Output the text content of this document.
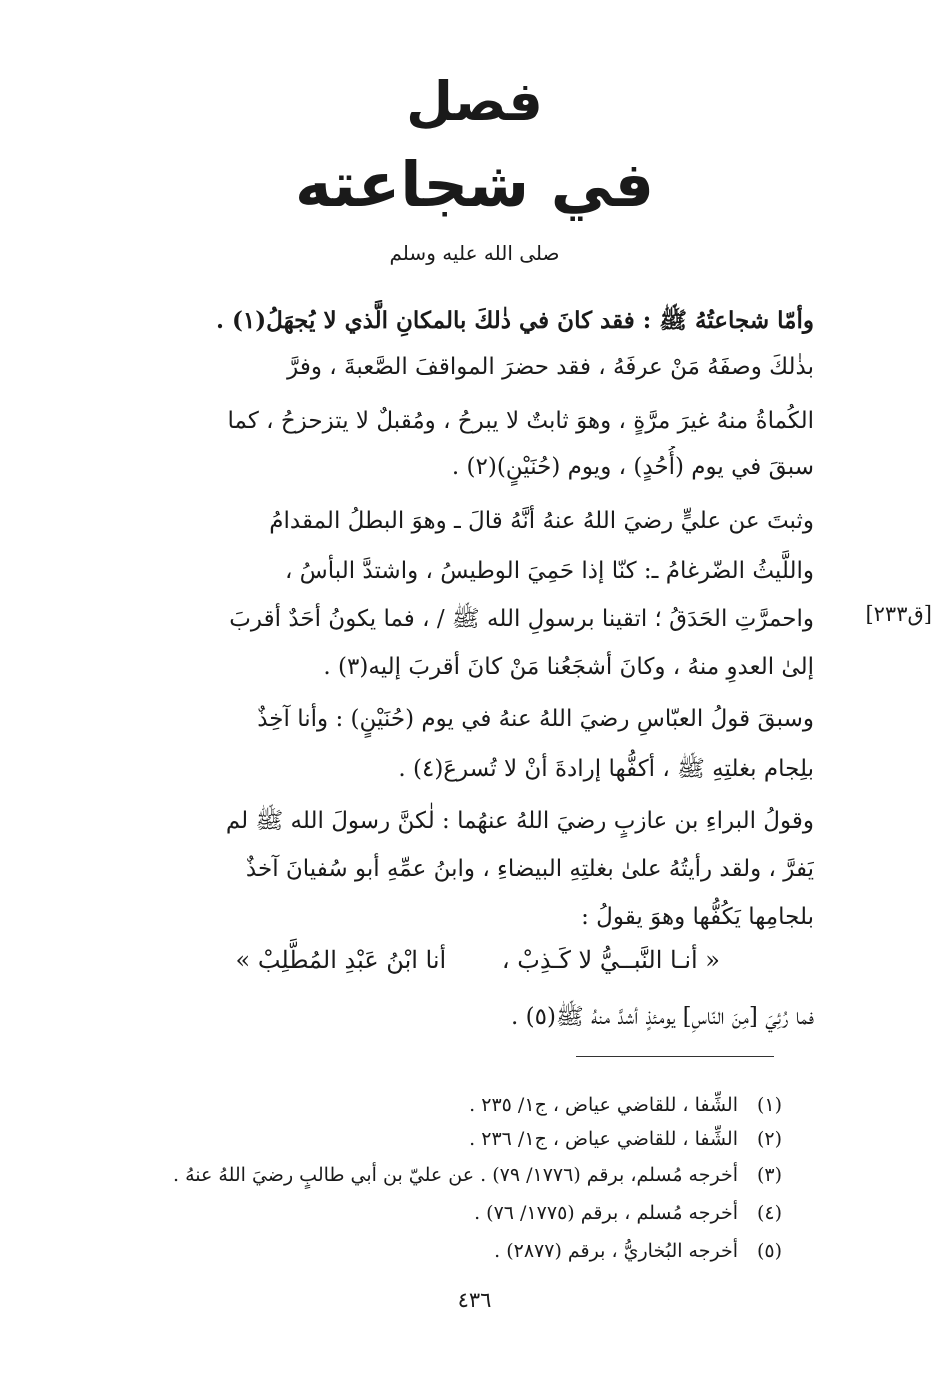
فصل
في شجاعته
صلى الله عليه وسلم
وأمّا شجاعتُهُ ﷺ : فقد كانَ في ذٰلكَ بالمكانِ الَّذي لا يُجهَلُ(١) .
بذٰلكَ وصفَهُ مَنْ عرفَهُ ، فقد حضرَ المواقفَ الصَّعبةَ ، وفرَّ
الكُماةُ منهُ غيرَ مرَّةٍ ، وهوَ ثابتٌ لا يبرحُ ، ومُقبلٌ لا يتزحزحُ ، كما
سبقَ في يوم (أُحُدٍ) ، ويوم (حُنَيْنٍ)(٢) .
وثبتَ عن عليٍّ رضيَ اللهُ عنهُ أنَّهُ قالَ ـ وهوَ البطلُ المقدامُ
واللَّيثُ الضّرغامُ ـ: كنّا إذا حَمِيَ الوطيسُ ، واشتدَّ البأسُ ،
واحمرَّتِ الحَدَقُ ؛ اتقينا برسولِ الله ﷺ / ، فما يكونُ أحَدٌ أقربَ
إلىٰ العدوِ منهُ ، وكانَ أشجَعُنا مَنْ كانَ أقربَ إليه(٣) .
وسبقَ قولُ العبّاسِ رضيَ اللهُ عنهُ في يوم (حُنَيْنٍ) : وأنا آخِذٌ
بلِجام بغلتِهِ ﷺ ، أكفُّها إرادةَ أنْ لا تُسرعَ(٤) .
وقولُ البراءِ بن عازبٍ رضيَ اللهُ عنهُما : لٰكنَّ رسولَ الله ﷺ لم
يَفرَّ ، ولقد رأيتُهُ علىٰ بغلتِهِ البيضاءِ ، وابنُ عمِّهِ أبو سُفيانَ آخذٌ
بلجامِها يَكُفُّها وهوَ يقولُ :
[ق٢٣٣]
« أنـا النَّبــيُّ لا كَـذِبْ ، أنا ابْنُ عَبْدِ المُطَّلِبْ »
فما رُئِيَ [مِنَ النّاسِ] يومئذٍ أشدَّ منهُ ﷺ(٥) .
(١)الشِّفا ، للقاضي عياض ، ج١/ ٢٣٥ .
(٢)الشِّفا ، للقاضي عياض ، ج١/ ٢٣٦ .
(٣)أخرجه مُسلم، برقم (١٧٧٦/ ٧٩) . عن عليّ بن أبي طالبٍ رضيَ اللهُ عنهُ .
(٤)أخرجه مُسلم ، برقم (١٧٧٥/ ٧٦) .
(٥)أخرجه البُخاريُّ ، برقم (٢٨٧٧) .
٤٣٦
